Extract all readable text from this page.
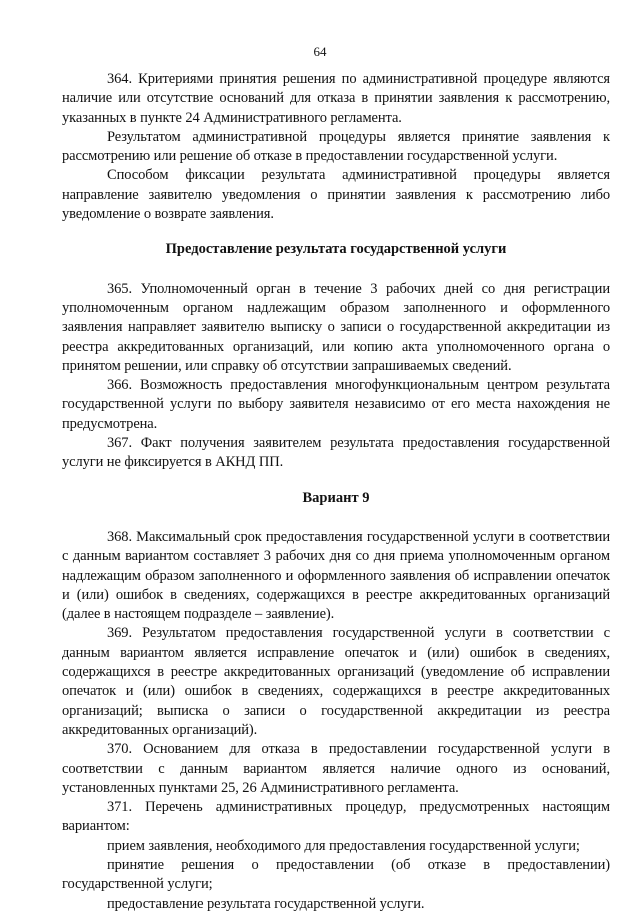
64

364. Критериями принятия решения по административной процедуре являются наличие или отсутствие оснований для отказа в принятии заявления к рассмотрению, указанных в пункте 24 Административного регламента.

Результатом административной процедуры является принятие заявления к рассмотрению или решение об отказе в предоставлении государственной услуги.

Способом фиксации результата административной процедуры является направление заявителю уведомления о принятии заявления к рассмотрению либо уведомление о возврате заявления.

Предоставление результата государственной услуги

365. Уполномоченный орган в течение 3 рабочих дней со дня регистрации уполномоченным органом надлежащим образом заполненного и оформленного заявления направляет заявителю выписку о записи о государственной аккредитации из реестра аккредитованных организаций, или копию акта уполномоченного органа о принятом решении, или справку об отсутствии запрашиваемых сведений.

366. Возможность предоставления многофункциональным центром результата государственной услуги по выбору заявителя независимо от его места нахождения не предусмотрена.

367. Факт получения заявителем результата предоставления государственной услуги не фиксируется в АКНД ПП.

Вариант 9

368. Максимальный срок предоставления государственной услуги в соответствии с данным вариантом составляет 3 рабочих дня со дня приема уполномоченным органом надлежащим образом заполненного и оформленного заявления об исправлении опечаток и (или) ошибок в сведениях, содержащихся в реестре аккредитованных организаций (далее в настоящем подразделе – заявление).

369. Результатом предоставления государственной услуги в соответствии с данным вариантом является исправление опечаток и (или) ошибок в сведениях, содержащихся в реестре аккредитованных организаций (уведомление об исправлении опечаток и (или) ошибок в сведениях, содержащихся в реестре аккредитованных организаций; выписка о записи о государственной аккредитации из реестра аккредитованных организаций).

370. Основанием для отказа в предоставлении государственной услуги в соответствии с данным вариантом является наличие одного из оснований, установленных пунктами 25, 26 Административного регламента.

371. Перечень административных процедур, предусмотренных настоящим вариантом:

прием заявления, необходимого для предоставления государственной услуги;

принятие решения о предоставлении (об отказе в предоставлении) государственной услуги;

предоставление результата государственной услуги.
